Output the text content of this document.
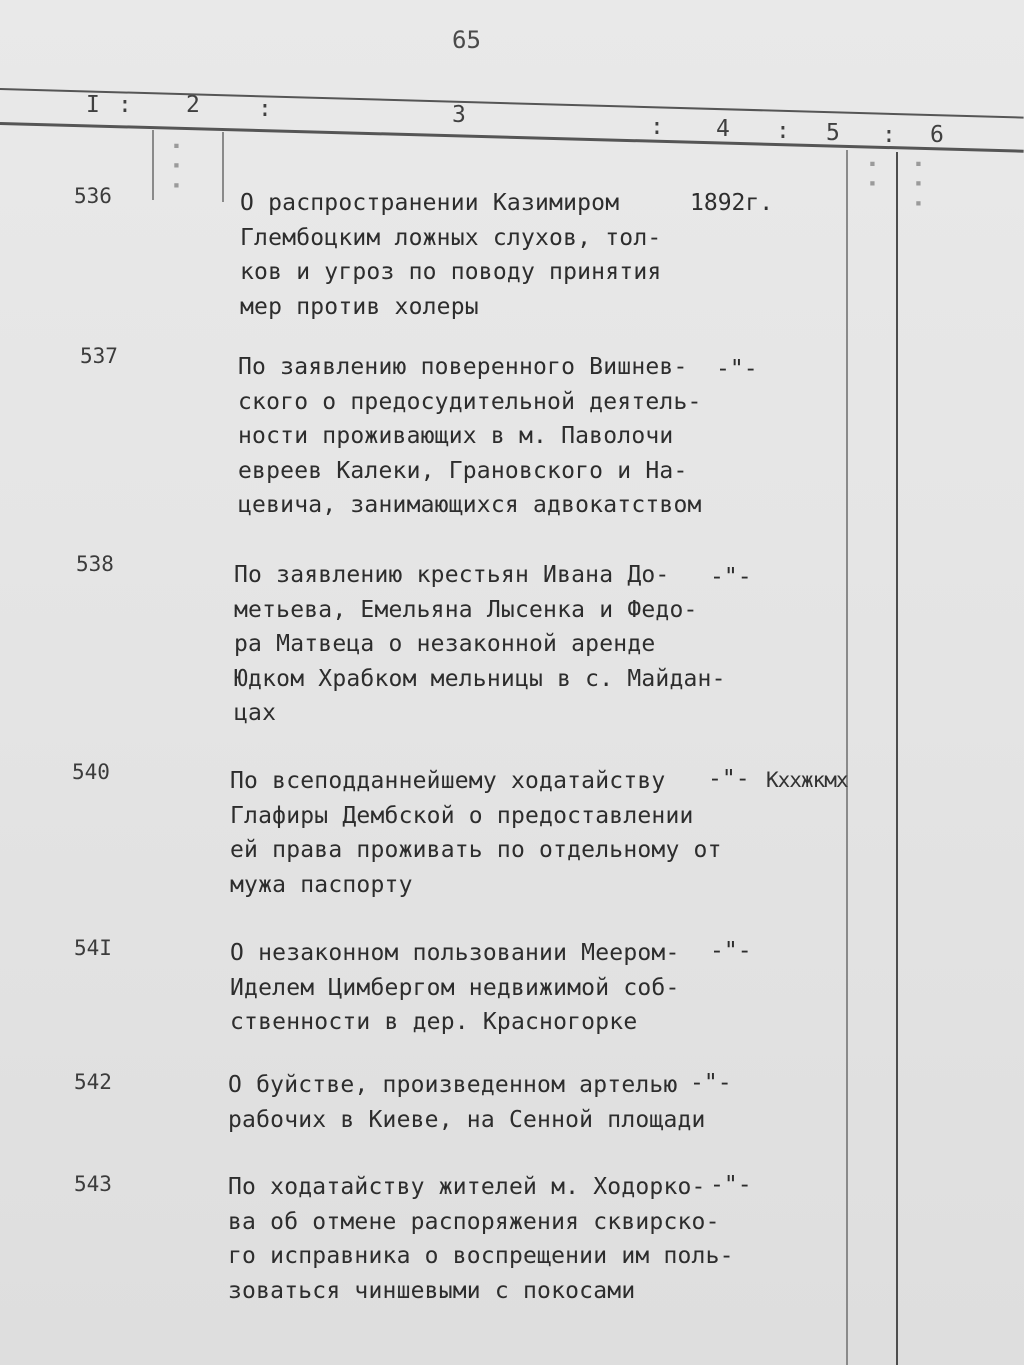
65
I : 2	:	3	: 4 : 5 : 6
▪ ▪ ▪	▪ ▪	▪ ▪ ▪
536	О распространении Казимиром
Глембоцким ложных слухов, тол-
ков и угроз по поводу принятия
мер против холеры
1892г.
537	По заявлению поверенного Вишнев-
ского о предосудительной деятель-
ности проживающих в м. Паволочи
евреев Калеки, Грановского и На-
цевича, занимающихся адвокатством
-"-
538	По заявлению крестьян Ивана До-
метьева, Емельяна Лысенка и Федо-
ра Матвеца о незаконной аренде
Юдком Храбком мельницы в с. Майдан-
цах
-"-
540	По всеподданнейшему ходатайству
Глафиры Дембской о предоставлении
ей права проживать по отдельному от
мужа паспорту
-"- Кххжкмх
54I	О незаконном пользовании Меером-
Иделем Цимбергом недвижимой соб-
ственности в дер. Красногорке
-"-
542	О буйстве, произведенном артелью
рабочих в Киеве, на Сенной площади
-"-
543	По ходатайству жителей м. Ходорко-
ва об отмене распоряжения сквирско-
го исправника о воспрещении им поль-
зоваться чиншевыми с покосами
-"-
